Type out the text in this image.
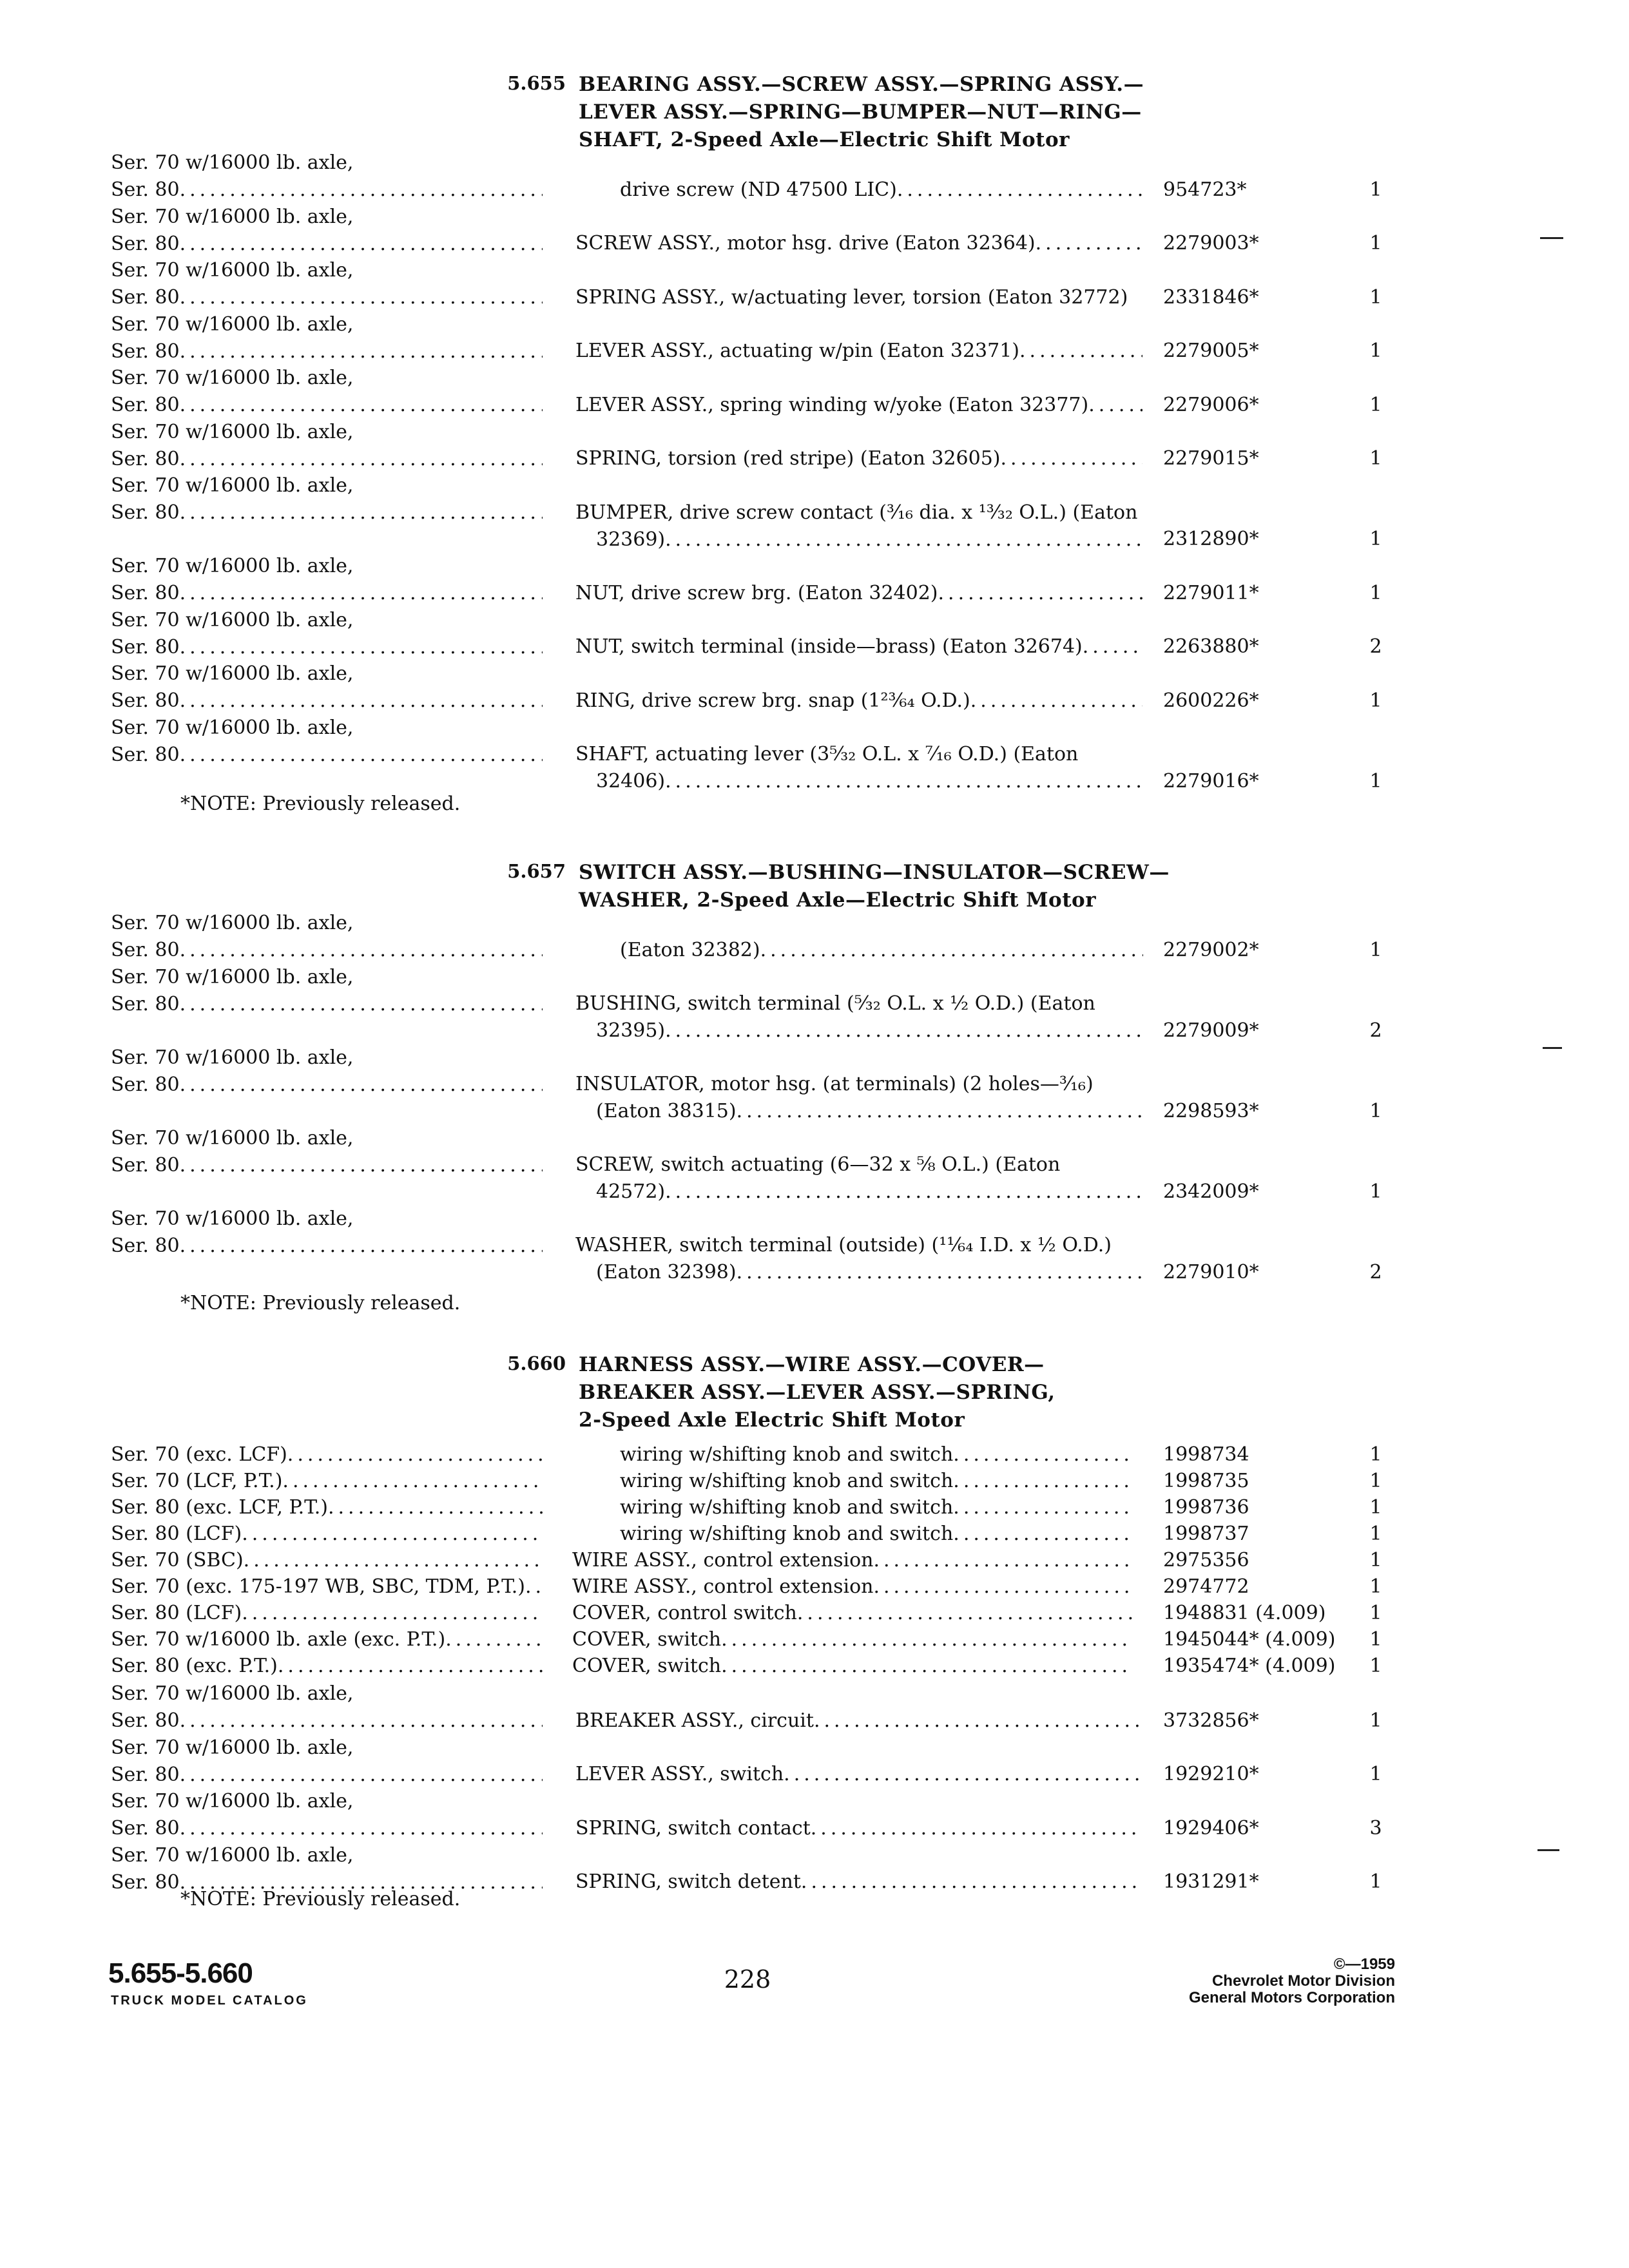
5.655 BEARING ASSY.—SCREW ASSY.—SPRING ASSY.—
LEVER ASSY.—SPRING—BUMPER—NUT—RING—
SHAFT, 2-Speed Axle—Electric Shift Motor
Ser. 70 w/16000 lb. axle,
Ser. 80 .....	drive screw (ND 47500 LIC) .....	954723*	1
Ser. 70 w/16000 lb. axle,
Ser. 80 .....	SCREW ASSY., motor hsg. drive (Eaton 32364) .....	2279003*	1
Ser. 70 w/16000 lb. axle,
Ser. 80 .....	SPRING ASSY., w/actuating lever, torsion (Eaton 32772)	2331846*	1
Ser. 70 w/16000 lb. axle,
Ser. 80 .....	LEVER ASSY., actuating w/pin (Eaton 32371) .....	2279005*	1
Ser. 70 w/16000 lb. axle,
Ser. 80 .....	LEVER ASSY., spring winding w/yoke (Eaton 32377) .....	2279006*	1
Ser. 70 w/16000 lb. axle,
Ser. 80 .....	SPRING, torsion (red stripe) (Eaton 32605) .....	2279015*	1
Ser. 70 w/16000 lb. axle,
Ser. 80 .....	BUMPER, drive screw contact (³⁄₁₆ dia. x ¹³⁄₃₂ O.L.) (Eaton
32369) .....	2312890*	1
Ser. 70 w/16000 lb. axle,
Ser. 80 .....	NUT, drive screw brg. (Eaton 32402) .....	2279011*	1
Ser. 70 w/16000 lb. axle,
Ser. 80 .....	NUT, switch terminal (inside—brass) (Eaton 32674) .....	2263880*	2
Ser. 70 w/16000 lb. axle,
Ser. 80 .....	RING, drive screw brg. snap (1²³⁄₆₄ O.D.) .....	2600226*	1
Ser. 70 w/16000 lb. axle,
Ser. 80 .....	SHAFT, actuating lever (3⁵⁄₃₂ O.L. x ⁷⁄₁₆ O.D.) (Eaton
32406) .....	2279016*	1
5.657 SWITCH ASSY.—BUSHING—INSULATOR—SCREW—
WASHER, 2-Speed Axle—Electric Shift Motor
Ser. 70 w/16000 lb. axle,
Ser. 80 .....	(Eaton 32382) .....	2279002*	1
Ser. 70 w/16000 lb. axle,
Ser. 80 .....	BUSHING, switch terminal (⁵⁄₃₂ O.L. x ½ O.D.) (Eaton
32395) .....	2279009*	2
Ser. 70 w/16000 lb. axle,
Ser. 80 .....	INSULATOR, motor hsg. (at terminals) (2 holes—³⁄₁₆)
(Eaton 38315) .....	2298593*	1
Ser. 70 w/16000 lb. axle,
Ser. 80 .....	SCREW, switch actuating (6—32 x ⅝ O.L.) (Eaton
42572) .....	2342009*	1
Ser. 70 w/16000 lb. axle,
Ser. 80 .....	WASHER, switch terminal (outside) (¹¹⁄₆₄ I.D. x ½ O.D.)
(Eaton 32398) .....	2279010*	2
5.660 HARNESS ASSY.—WIRE ASSY.—COVER—
BREAKER ASSY.—LEVER ASSY.—SPRING,
2-Speed Axle Electric Shift Motor
Ser. 70 (exc. LCF) .....	wiring w/shifting knob and switch .....	1998734	1
Ser. 70 (LCF, P.T.) .....	wiring w/shifting knob and switch .....	1998735	1
Ser. 80 (exc. LCF, P.T.) .....	wiring w/shifting knob and switch .....	1998736	1
Ser. 80 (LCF) .....	wiring w/shifting knob and switch .....	1998737	1
Ser. 70 (SBC) .....	WIRE ASSY., control extension .....	2975356	1
Ser. 70 (exc. 175-197 WB, SBC, TDM, P.T.) ..... WIRE ASSY., control extension .....	2974772	1
Ser. 80 (LCF) .....	COVER, control switch .....	1948831 (4.009)	1
Ser. 70 w/16000 lb. axle (exc. P.T.) .....	COVER, switch .....	1945044* (4.009)	1
Ser. 80 (exc. P.T.) .....	COVER, switch .....	1935474* (4.009)	1
Ser. 70 w/16000 lb. axle,
Ser. 80 .....	BREAKER ASSY., circuit .....	3732856*	1
Ser. 70 w/16000 lb. axle,
Ser. 80 .....	LEVER ASSY., switch .....	1929210*	1
Ser. 70 w/16000 lb. axle,
Ser. 80 .....	SPRING, switch contact .....	1929406*	3
Ser. 70 w/16000 lb. axle,
Ser. 80 .....	SPRING, switch detent .....	1931291*	1
*NOTE: Previously released.
*NOTE: Previously released.
*NOTE: Previously released.
5.655-5.660
TRUCK MODEL CATALOG
228
©—1959
Chevrolet Motor Division
General Motors Corporation
